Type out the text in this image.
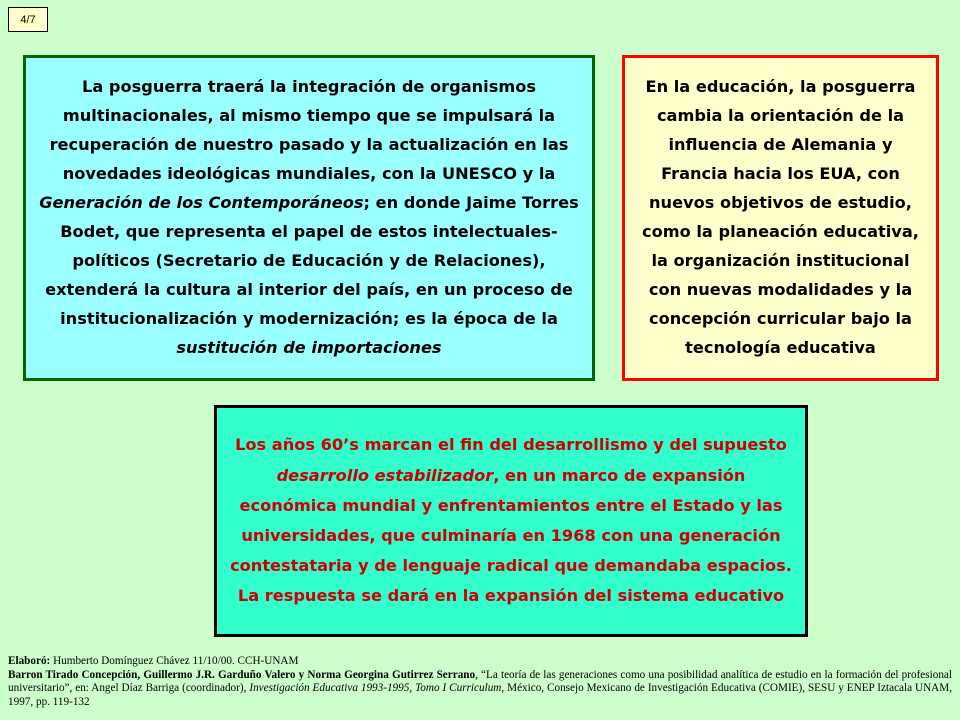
4/7

La posguerra traerá la integración de organismos multinacionales, al mismo tiempo que se impulsará la recuperación de nuestro pasado y la actualización en las novedades ideológicas mundiales, con la UNESCO y la Generación de los Contemporáneos; en donde Jaime Torres Bodet, que representa el papel de estos intelectuales-políticos (Secretario de Educación y de Relaciones), extenderá la cultura al interior del país, en un proceso de institucionalización y modernización; es la época de la sustitución de importaciones

En la educación, la posguerra cambia la orientación de la influencia de Alemania y Francia hacia los EUA, con nuevos objetivos de estudio, como la planeación educativa, la organización institucional con nuevas modalidades y la concepción curricular bajo la tecnología educativa

Los años 60’s marcan el fin del desarrollismo y del supuesto desarrollo estabilizador, en un marco de expansión económica mundial y enfrentamientos entre el Estado y las universidades, que culminaría en 1968 con una generación contestataria y de lenguaje radical que demandaba espacios. La respuesta se dará en la expansión del sistema educativo

Elaboró: Humberto Domínguez Chávez 11/10/00. CCH-UNAM
Barron Tirado Concepción, Guillermo J.R. Garduño Valero y Norma Georgina Gutirrez Serrano, “La teoría de las generaciones como una posibilidad analítica de estudio en la formación del profesional universitario”, en: Angel Díaz Barriga (coordinador), Investigación Educativa 1993-1995, Tomo I Curriculum, México, Consejo Mexicano de Investigación Educativa (COMIE), SESU y ENEP Iztacala UNAM, 1997, pp. 119-132
